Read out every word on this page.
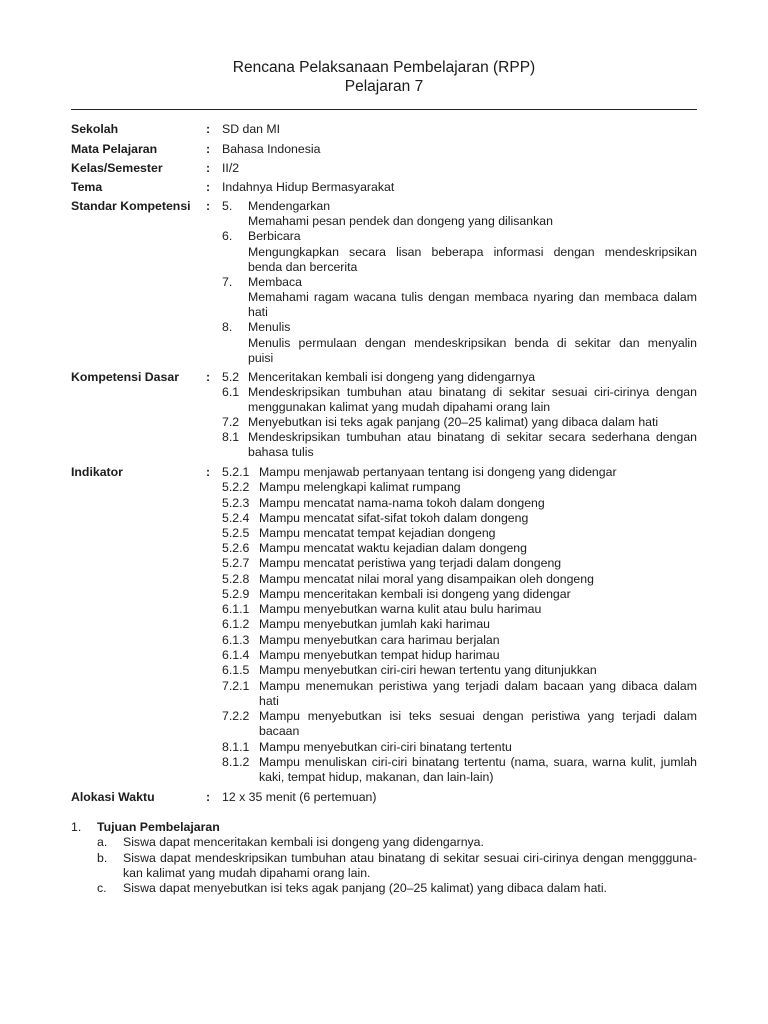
Rencana Pelaksanaan Pembelajaran (RPP)
Pelajaran 7
Sekolah	: SD dan MI
Mata Pelajaran	: Bahasa Indonesia
Kelas/Semester	: II/2
Tema	: Indahnya Hidup Bermasyarakat
Standar Kompetensi : 5. Mendengarkan
Memahami pesan pendek dan dongeng yang dilisankan
6. Berbicara
Mengungkapkan secara lisan beberapa informasi dengan mendeskripsikan
benda dan bercerita
7. Membaca
Memahami ragam wacana tulis dengan membaca nyaring dan membaca dalam
hati
8. Menulis
Menulis permulaan dengan mendeskripsikan benda di sekitar dan menyalin
puisi
Kompetensi Dasar : 5.2 Menceritakan kembali isi dongeng yang didengarnya
6.1 Mendeskripsikan tumbuhan atau binatang di sekitar sesuai ciri-cirinya dengan
menggunakan kalimat yang mudah dipahami orang lain
7.2 Menyebutkan isi teks agak panjang (20–25 kalimat) yang dibaca dalam hati
8.1 Mendeskripsikan tumbuhan atau binatang di sekitar secara sederhana dengan
bahasa tulis
Indikator	: 5.2.1 Mampu menjawab pertanyaan tentang isi dongeng yang didengar
5.2.2 Mampu melengkapi kalimat rumpang
5.2.3 Mampu mencatat nama-nama tokoh dalam dongeng
5.2.4 Mampu mencatat sifat-sifat tokoh dalam dongeng
5.2.5 Mampu mencatat tempat kejadian dongeng
5.2.6 Mampu mencatat waktu kejadian dalam dongeng
5.2.7 Mampu mencatat peristiwa yang terjadi dalam dongeng
5.2.8 Mampu mencatat nilai moral yang disampaikan oleh dongeng
5.2.9 Mampu menceritakan kembali isi dongeng yang didengar
6.1.1 Mampu menyebutkan warna kulit atau bulu harimau
6.1.2 Mampu menyebutkan jumlah kaki harimau
6.1.3 Mampu menyebutkan cara harimau berjalan
6.1.4 Mampu menyebutkan tempat hidup harimau
6.1.5 Mampu menyebutkan ciri-ciri hewan tertentu yang ditunjukkan
7.2.1 Mampu menemukan peristiwa yang terjadi dalam bacaan yang dibaca dalam
hati
7.2.2 Mampu menyebutkan isi teks sesuai dengan peristiwa yang terjadi dalam
bacaan
8.1.1 Mampu menyebutkan ciri-ciri binatang tertentu
8.1.2 Mampu menuliskan ciri-ciri binatang tertentu (nama, suara, warna kulit, jumlah
kaki, tempat hidup, makanan, dan lain-lain)
Alokasi Waktu	: 12 x 35 menit (6 pertemuan)
1. Tujuan Pembelajaran
a. Siswa dapat menceritakan kembali isi dongeng yang didengarnya.
b. Siswa dapat mendeskripsikan tumbuhan atau binatang di sekitar sesuai ciri-cirinya dengan menggguna-
kan kalimat yang mudah dipahami orang lain.
c. Siswa dapat menyebutkan isi teks agak panjang (20–25 kalimat) yang dibaca dalam hati.
